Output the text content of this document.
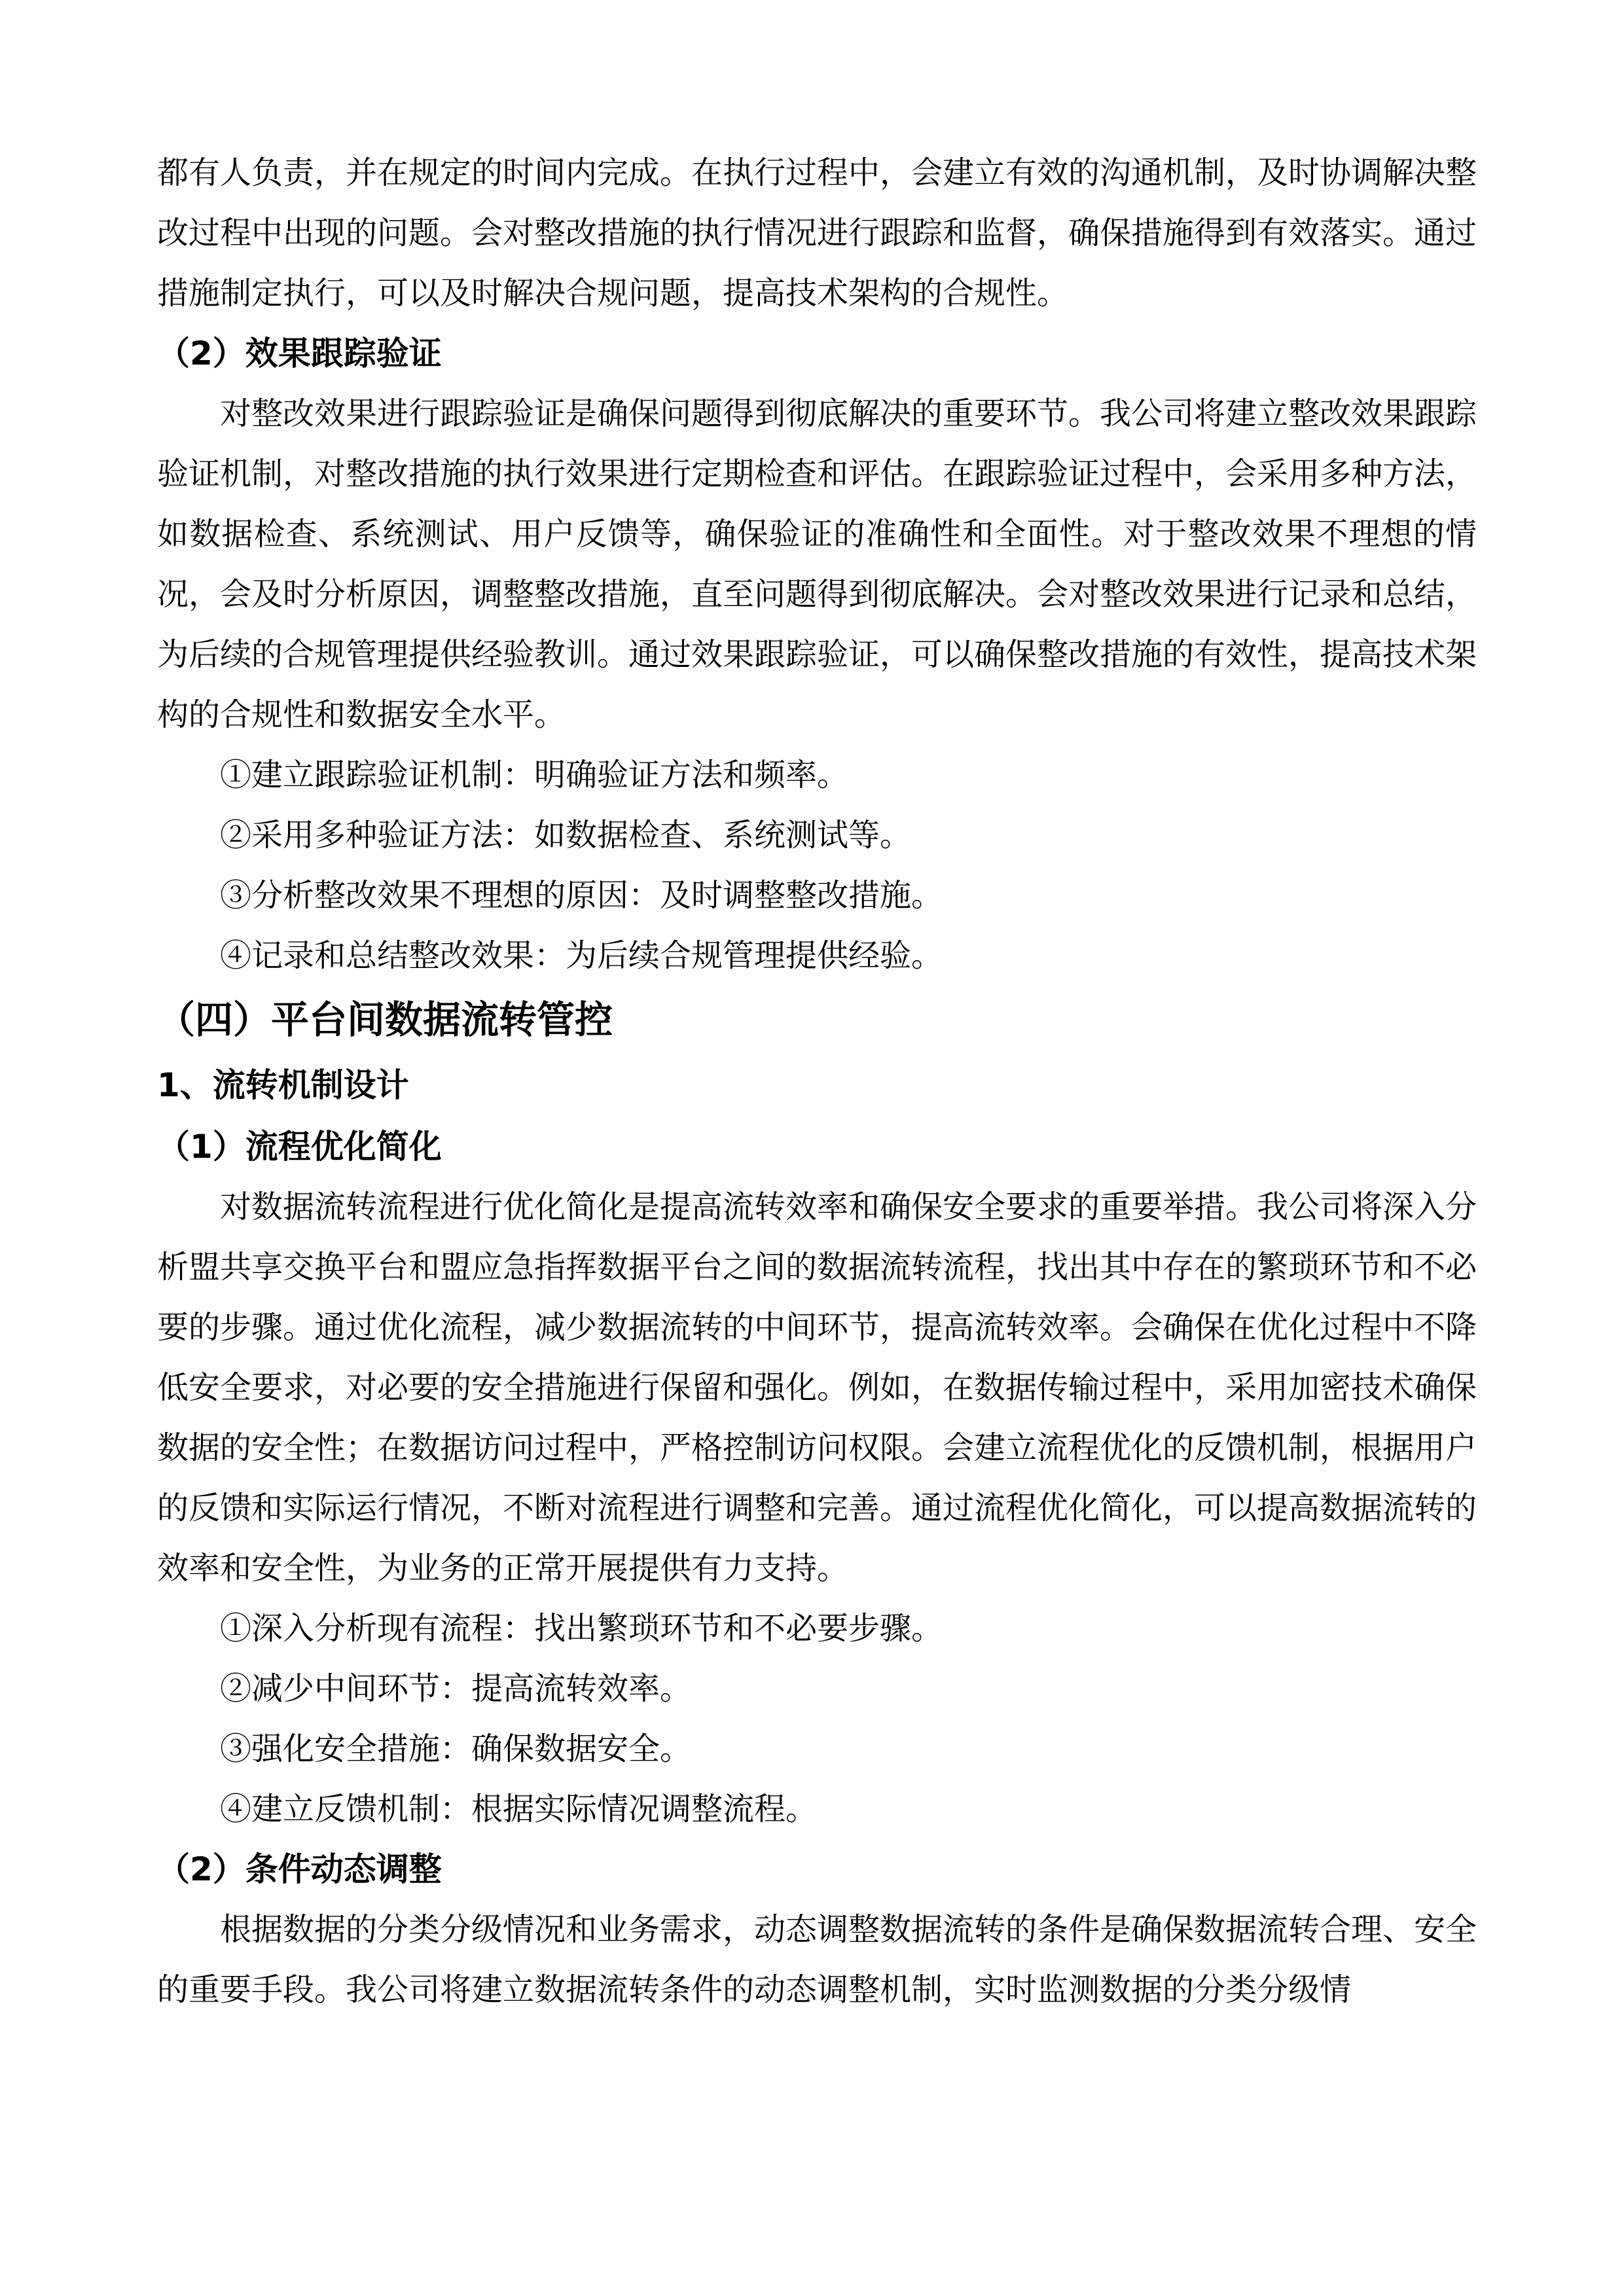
都有人负责，并在规定的时间内完成。在执行过程中，会建立有效的沟通机制，及时协调解决整改过程中出现的问题。会对整改措施的执行情况进行跟踪和监督，确保措施得到有效落实。通过措施制定执行，可以及时解决合规问题，提高技术架构的合规性。

（2）效果跟踪验证

对整改效果进行跟踪验证是确保问题得到彻底解决的重要环节。我公司将建立整改效果跟踪验证机制，对整改措施的执行效果进行定期检查和评估。在跟踪验证过程中，会采用多种方法，如数据检查、系统测试、用户反馈等，确保验证的准确性和全面性。对于整改效果不理想的情况，会及时分析原因，调整整改措施，直至问题得到彻底解决。会对整改效果进行记录和总结，为后续的合规管理提供经验教训。通过效果跟踪验证，可以确保整改措施的有效性，提高技术架构的合规性和数据安全水平。

①建立跟踪验证机制：明确验证方法和频率。

②采用多种验证方法：如数据检查、系统测试等。

③分析整改效果不理想的原因：及时调整整改措施。

④记录和总结整改效果：为后续合规管理提供经验。

（四）平台间数据流转管控

1、流转机制设计

（1）流程优化简化

对数据流转流程进行优化简化是提高流转效率和确保安全要求的重要举措。我公司将深入分析盟共享交换平台和盟应急指挥数据平台之间的数据流转流程，找出其中存在的繁琐环节和不必要的步骤。通过优化流程，减少数据流转的中间环节，提高流转效率。会确保在优化过程中不降低安全要求，对必要的安全措施进行保留和强化。例如，在数据传输过程中，采用加密技术确保数据的安全性；在数据访问过程中，严格控制访问权限。会建立流程优化的反馈机制，根据用户的反馈和实际运行情况，不断对流程进行调整和完善。通过流程优化简化，可以提高数据流转的效率和安全性，为业务的正常开展提供有力支持。

①深入分析现有流程：找出繁琐环节和不必要步骤。

②减少中间环节：提高流转效率。

③强化安全措施：确保数据安全。

④建立反馈机制：根据实际情况调整流程。

（2）条件动态调整

根据数据的分类分级情况和业务需求，动态调整数据流转的条件是确保数据流转合理、安全的重要手段。我公司将建立数据流转条件的动态调整机制，实时监测数据的分类分级情
